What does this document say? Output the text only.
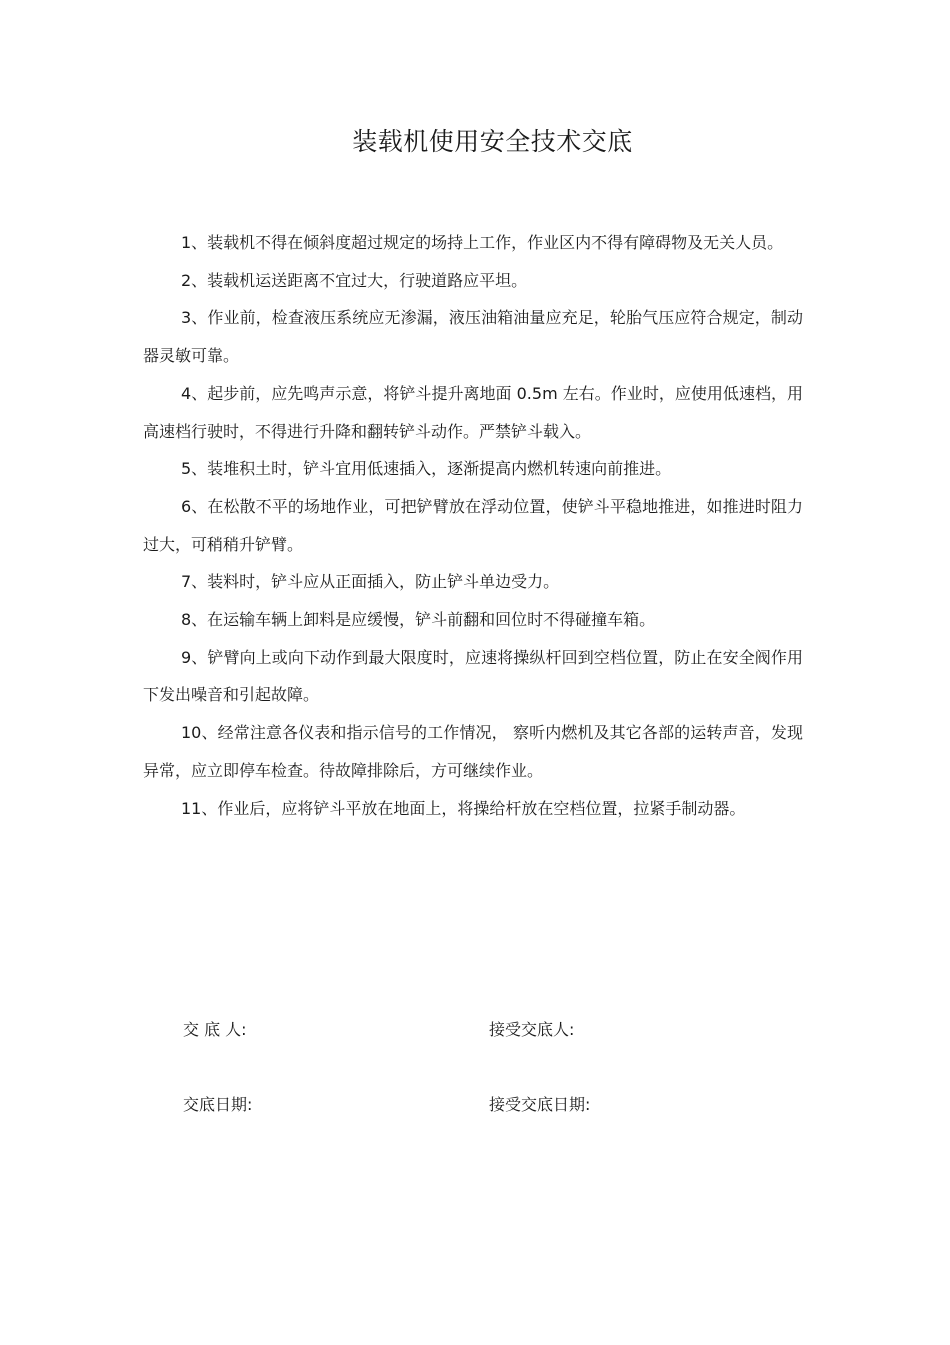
装载机使用安全技术交底

1、装载机不得在倾斜度超过规定的场持上工作，作业区内不得有障碍物及无关人员。

2、装载机运送距离不宜过大，行驶道路应平坦。

3、作业前，检查液压系统应无渗漏，液压油箱油量应充足，轮胎气压应符合规定，制动器灵敏可靠。

4、起步前，应先鸣声示意，将铲斗提升离地面 0.5m 左右。作业时，应使用低速档，用高速档行驶时，不得进行升降和翻转铲斗动作。严禁铲斗载入。

5、装堆积土时，铲斗宜用低速插入，逐渐提高内燃机转速向前推进。

6、在松散不平的场地作业，可把铲臂放在浮动位置，使铲斗平稳地推进，如推进时阻力过大，可稍稍升铲臂。

7、装料时，铲斗应从正面插入，防止铲斗单边受力。

8、在运输车辆上卸料是应缓慢，铲斗前翻和回位时不得碰撞车箱。

9、铲臂向上或向下动作到最大限度时，应速将操纵杆回到空档位置，防止在安全阀作用下发出噪音和引起故障。

10、经常注意各仪表和指示信号的工作情况， 察听内燃机及其它各部的运转声音，发现异常，应立即停车检查。待故障排除后，方可继续作业。

11、作业后，应将铲斗平放在地面上，将操给杆放在空档位置，拉紧手制动器。

交 底 人:	接受交底人:
交底日期:	接受交底日期:
